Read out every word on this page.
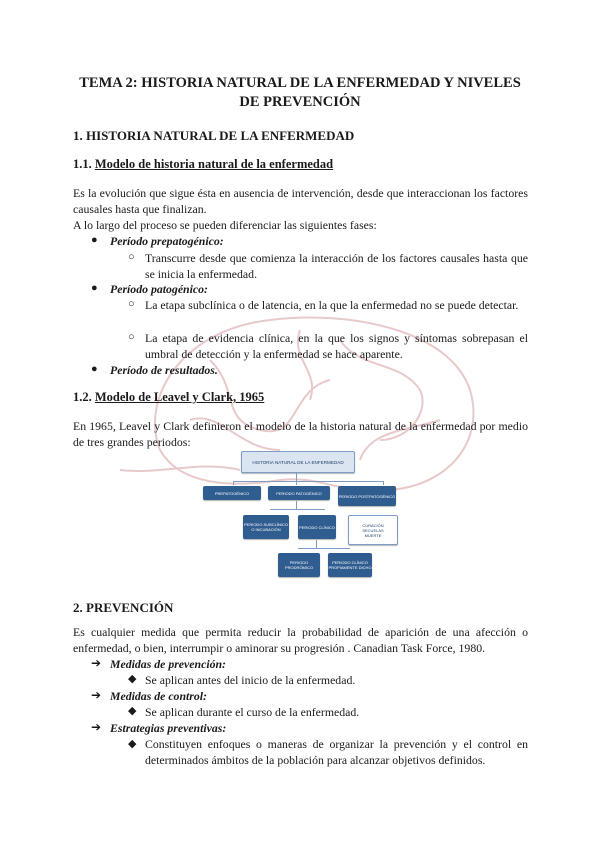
TEMA 2: HISTORIA NATURAL DE LA ENFERMEDAD Y NIVELES DE PREVENCIÓN
1. HISTORIA NATURAL DE LA ENFERMEDAD
1.1. Modelo de historia natural de la enfermedad
Es la evolución que sigue ésta en ausencia de intervención, desde que interaccionan los factores causales hasta que finalizan.
A lo largo del proceso se pueden diferenciar las siguientes fases:
● Período prepatogénico:
○ Transcurre desde que comienza la interacción de los factores causales hasta que se inicia la enfermedad.
● Período patogénico:
○ La etapa subclínica o de latencia, en la que la enfermedad no se puede detectar.
○ La etapa de evidencia clínica, en la que los signos y síntomas sobrepasan el umbral de detección y la enfermedad se hace aparente.
● Período de resultados.
1.2. Modelo de Leavel y Clark, 1965
En 1965, Leavel y Clark definieron el modelo de la historia natural de la enfermedad por medio de tres grandes periodos:
HISTORIA NATURAL DE LA ENFERMEDAD
PREPATOGÉNICO	PERIODO PATOGÉNICO
PERIODO POSTPATOGÉNICO
PERIODO SUBCLÍNICO O INCUBACIÓN	PERIODO CLÍNICO	CURACIÓN
SECUELAS
MUERTE
PERIODO PRODRÓMICO
PERIODO CLÍNICO PROPIAMENTE DICHO
2. PREVENCIÓN
Es cualquier medida que permita reducir la probabilidad de aparición de una afección o enfermedad, o bien, interrumpir o aminorar su progresión . Canadian Task Force, 1980.
➔ Medidas de prevención:
◆ Se aplican antes del inicio de la enfermedad.
➔ Medidas de control:
◆ Se aplican durante el curso de la enfermedad.
➔ Estrategias preventivas:
◆ Constituyen enfoques o maneras de organizar la prevención y el control en determinados ámbitos de la población para alcanzar objetivos definidos.
